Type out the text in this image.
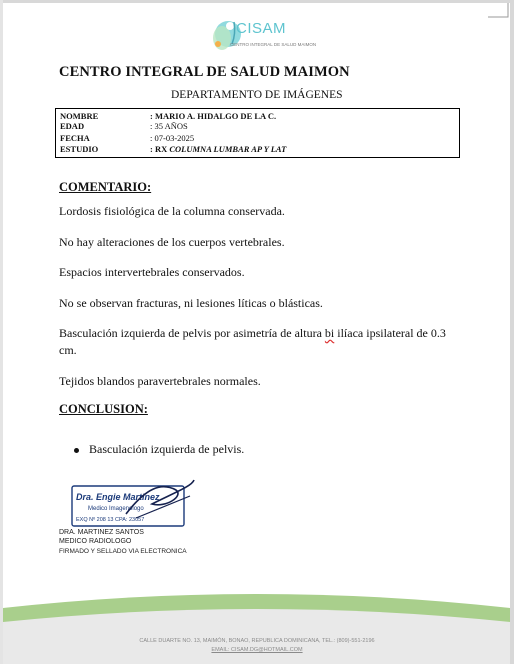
CISAM
CENTRO INTEGRAL DE SALUD MAIMON
CENTRO INTEGRAL DE SALUD MAIMON
DEPARTAMENTO DE IMÁGENES
NOMBRE	: MARIO A. HIDALGO DE LA C.
EDAD	: 35 AÑOS
FECHA	: 07-03-2025
ESTUDIO	: RX COLUMNA LUMBAR AP Y LAT
COMENTARIO:
Lordosis fisiológica de la columna conservada.
No hay alteraciones de los cuerpos vertebrales.
Espacios intervertebrales conservados.
No se observan fracturas, ni lesiones líticas o blásticas.
Basculación izquierda de pelvis por asimetría de altura bi ilíaca ipsilateral de 0.3 cm.
Tejidos blandos paravertebrales normales.
CONCLUSION:
Basculación izquierda de pelvis.
Dra. Engie Martinez
Medico Imagenologo
EXQ Nº 208 13 CPA: 23057
DRA. MARTINEZ SANTOS
MEDICO RADIOLOGO
FIRMADO Y SELLADO VIA ELECTRONICA
CALLE DUARTE NO. 13, MAIMÓN, BONAO, REPUBLICA DOMINICANA, TEL.: (809)-551-2196
EMAIL: CISAM.DG@HOTMAIL.COM
